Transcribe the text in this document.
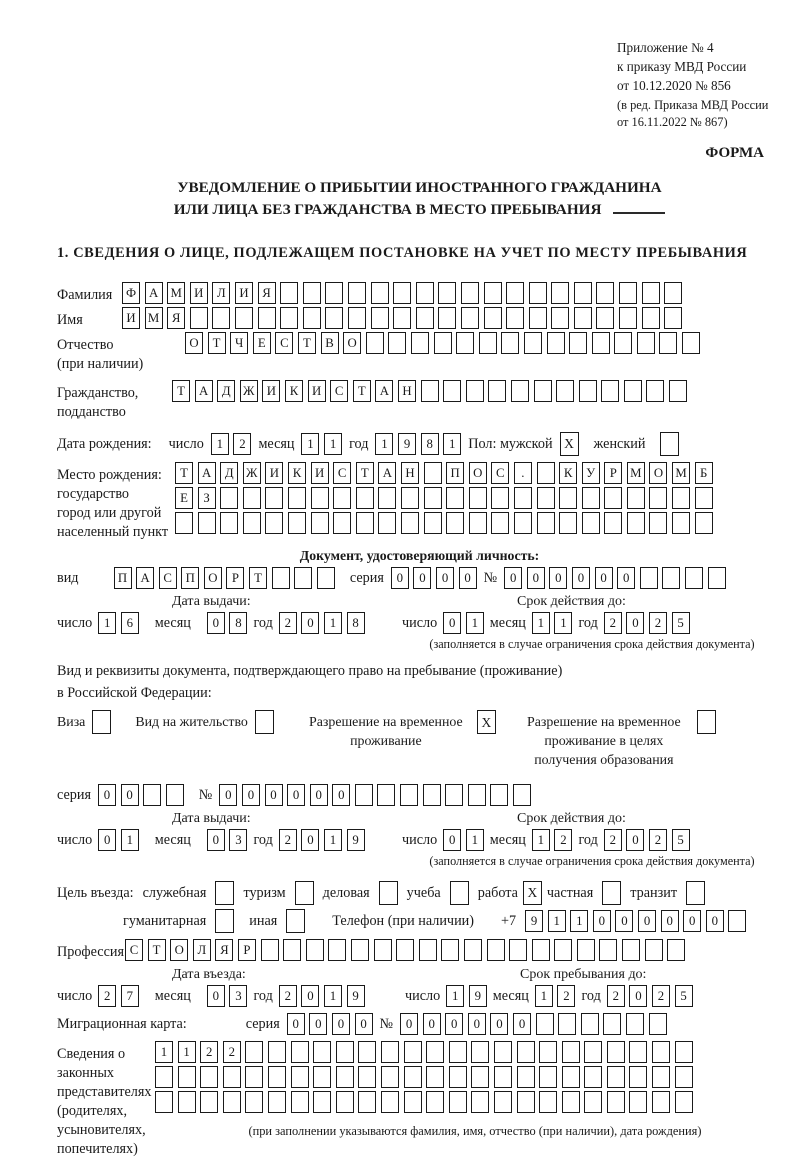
Приложение № 4
к приказу МВД России
от 10.12.2020 № 856
(в ред. Приказа МВД России
от 16.11.2022 № 867)
ФОРМА
УВЕДОМЛЕНИЕ О ПРИБЫТИИ ИНОСТРАННОГО ГРАЖДАНИНА
ИЛИ ЛИЦА БЕЗ ГРАЖДАНСТВА В МЕСТО ПРЕБЫВАНИЯ
1. СВЕДЕНИЯ О ЛИЦЕ, ПОДЛЕЖАЩЕМ ПОСТАНОВКЕ НА УЧЕТ ПО МЕСТУ ПРЕБЫВАНИЯ
Фамилия	Ф	А М И	Л	И	Я
Имя	И М Я
Отчество
(при наличии)
О	Т	Ч	Е	С	Т	В	О
Гражданство,
подданство
Т	А	Д Ж И	К	И	С	Т	А	Н
Дата рождения: число 1	2 месяц 1	1 год 1	9	8	1 Пол: мужской X	женский
Место рождения:
государство
город или другой
населенный пункт
Т	А	Д Ж И	К	И	С	Т	А	Н	П	О	С	.	К	У	Р	М О М	Б
Е	З
Документ, удостоверяющий личность:
вид	П	А	С	П	О	Р	Т	серия 0	0	0	0 № 0	0	0	0	0	0
Дата выдачи:
число 1	6	месяц	0	8 год 2	0	1	8
Срок действия до:
число 0	1 месяц 1	1 год 2	0	2	5
(заполняется в случае ограничения срока действия документа)
Вид и реквизиты документа, подтверждающего право на пребывание (проживание)
в Российской Федерации:
Виза	Вид на жительство	Разрешение на временное проживание
X	Разрешение на временное проживание в целях получения образования
серия 0	0	№ 0	0	0	0	0	0
Дата выдачи:
число 0	1	месяц	0	3 год 2	0	1	9
Срок действия до:
число 0	1 месяц 1	2 год 2	0	2	5
(заполняется в случае ограничения срока действия документа)
Цель въезда: служебная	туризм	деловая	учеба	работа X частная	транзит
гуманитарная	иная	Телефон (при наличии) +7	9	1	1	0	0	0	0	0	0
Профессия С	Т	О	Л	Я	Р
Дата въезда:
число 2	7	месяц	0	3 год 2	0	1	9
Срок пребывания до:
число 1	9 месяц 1	2 год 2	0	2	5
Миграционная карта:	серия 0	0	0	0 № 0	0	0	0	0	0
Сведения о
законных
представителях
(родителях,
усыновителях,
попечителях)
1	1	2	2
(при заполнении указываются фамилия, имя, отчество (при наличии), дата рождения)
